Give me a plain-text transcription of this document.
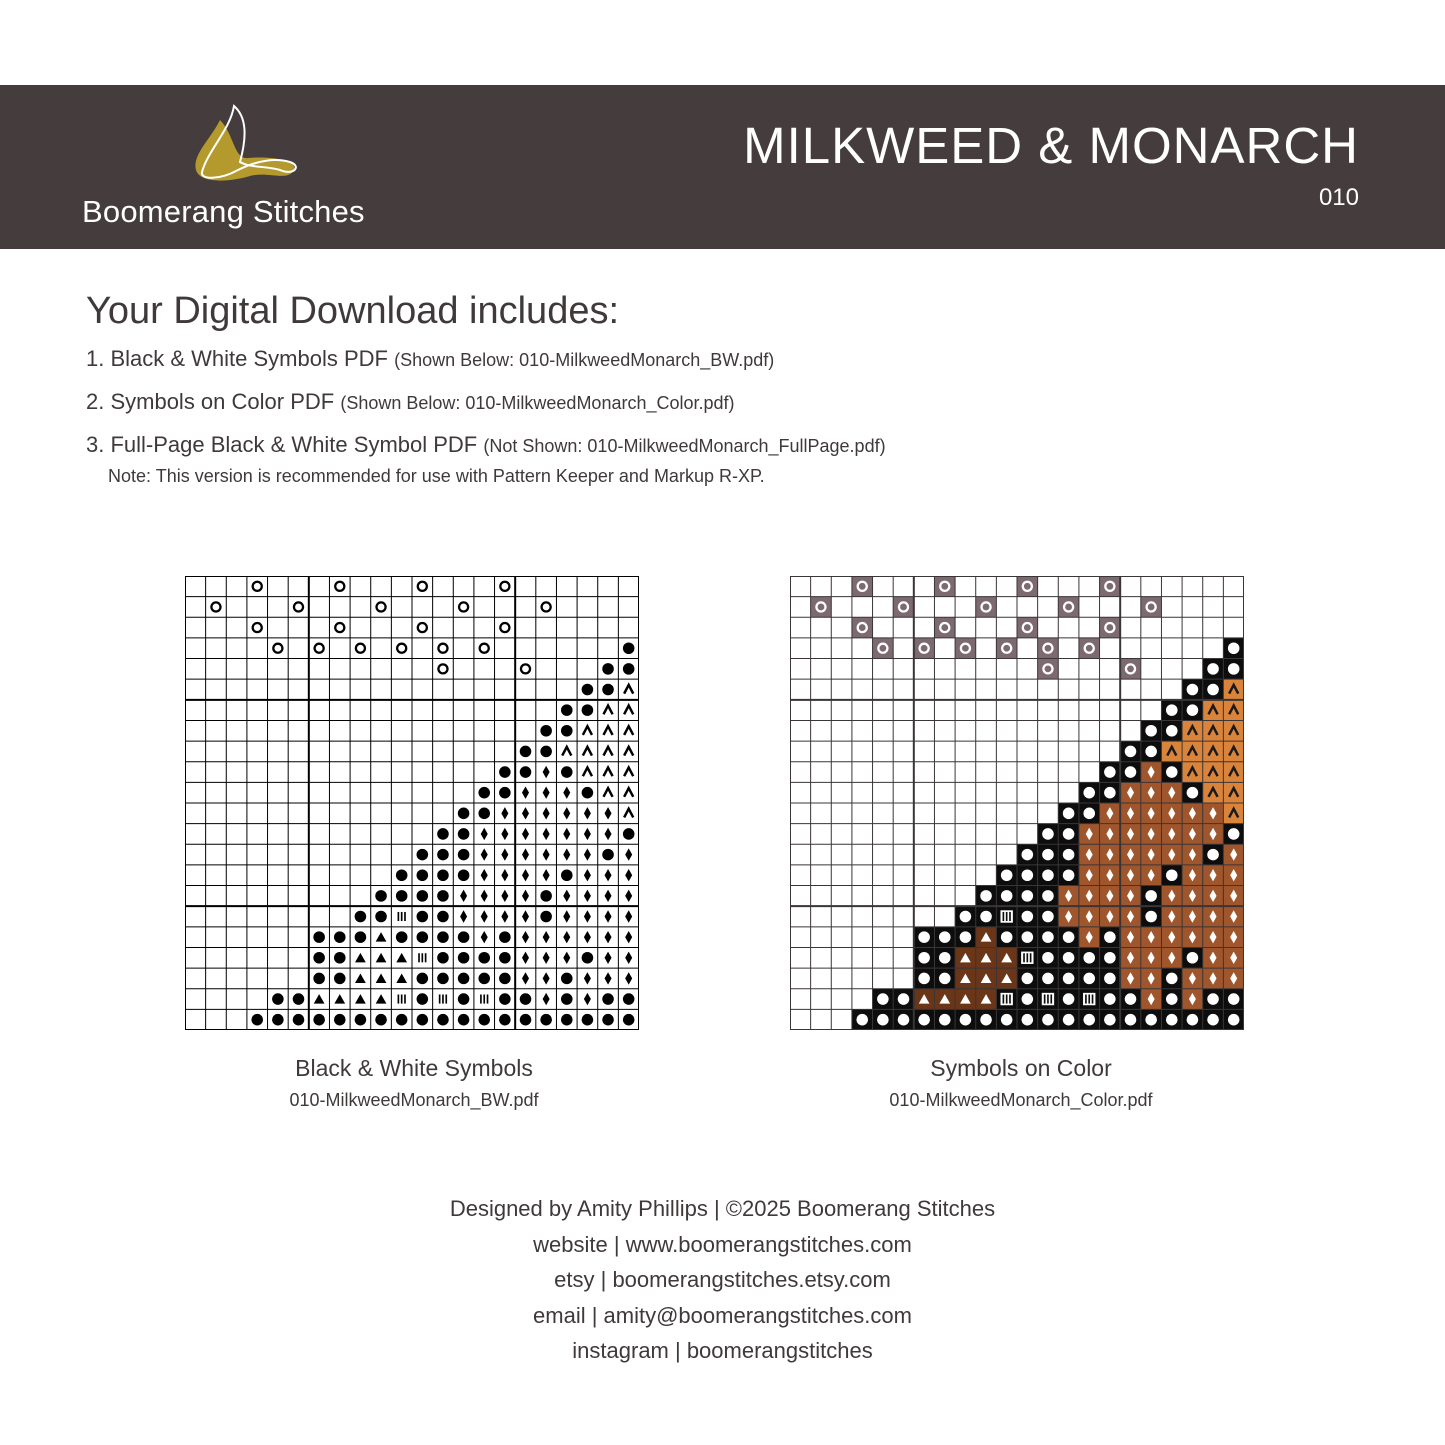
Boomerang Stitches
MILKWEED & MONARCH
010
Your Digital Download includes:
1. Black & White Symbols PDF (Shown Below: 010-MilkweedMonarch_BW.pdf)
2. Symbols on Color PDF (Shown Below: 010-MilkweedMonarch_Color.pdf)
3. Full-Page Black & White Symbol PDF (Not Shown: 010-MilkweedMonarch_FullPage.pdf)
Note: This version is recommended for use with Pattern Keeper and Markup R-XP.
Black & White Symbols
010-MilkweedMonarch_BW.pdf
Symbols on Color
010-MilkweedMonarch_Color.pdf
Designed by Amity Phillips | ©2025 Boomerang Stitches
website | www.boomerangstitches.com
etsy | boomerangstitches.etsy.com
email | amity@boomerangstitches.com
instagram | boomerangstitches
